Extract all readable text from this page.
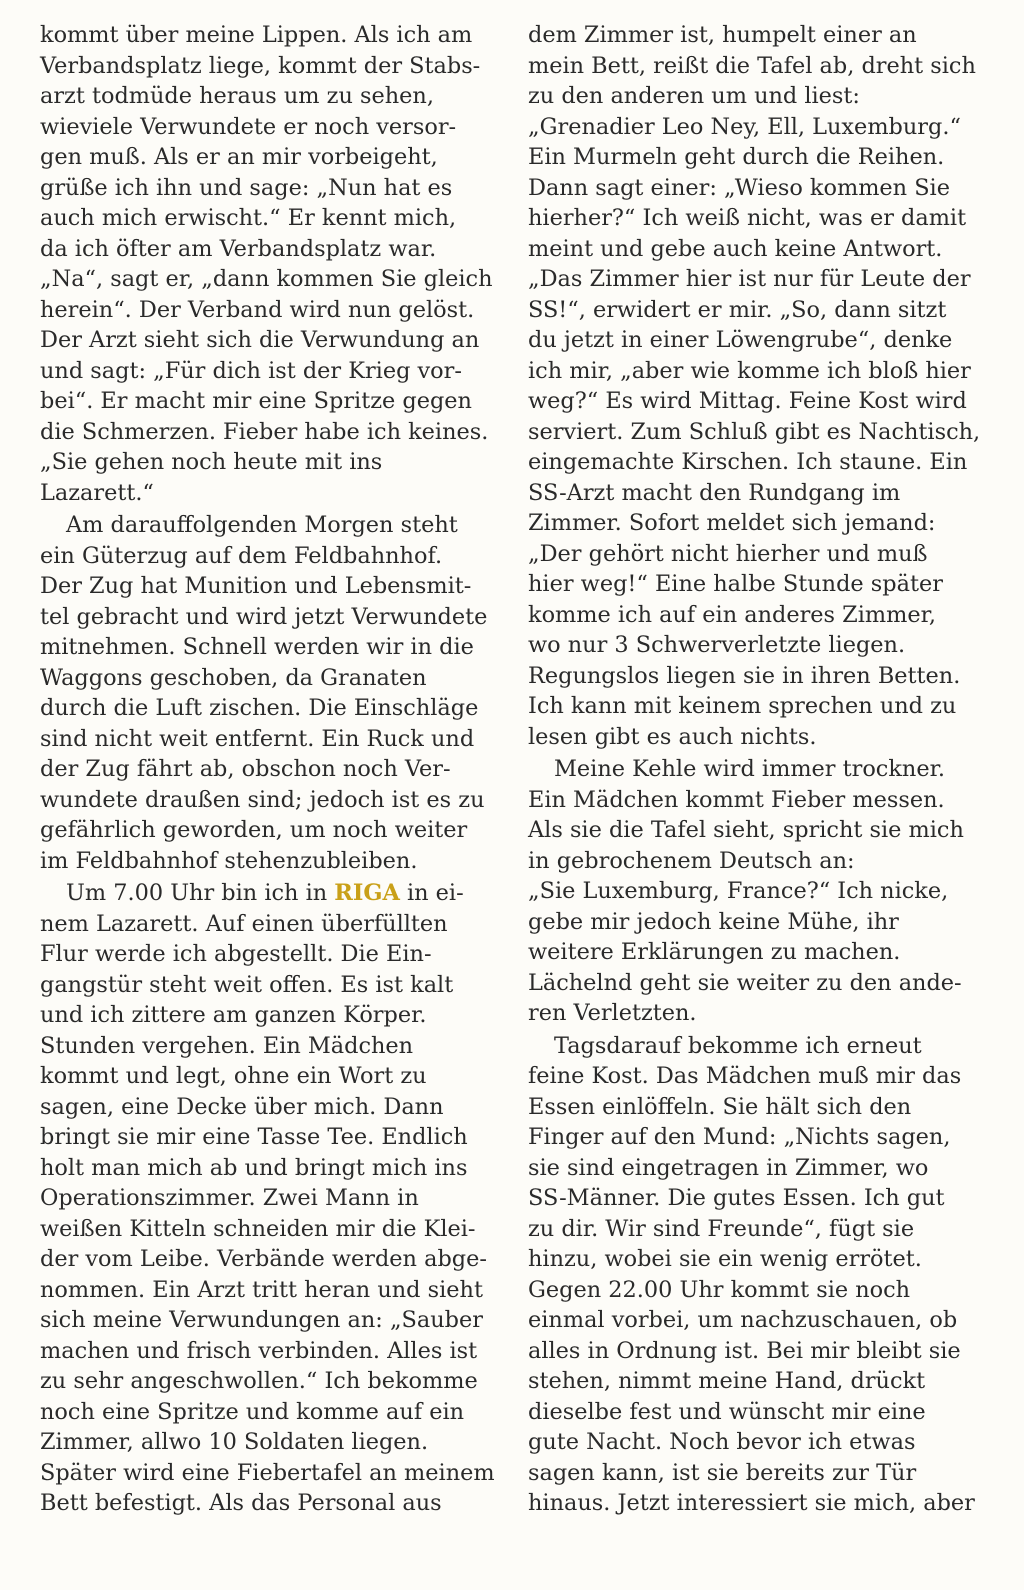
kommt über meine Lippen. Als ich am
Verbandsplatz liege, kommt der Stabs-
arzt todmüde heraus um zu sehen,
wieviele Verwundete er noch versor-
gen muß. Als er an mir vorbeigeht,
grüße ich ihn und sage: „Nun hat es
auch mich erwischt.“ Er kennt mich,
da ich öfter am Verbandsplatz war.
„Na“, sagt er, „dann kommen Sie gleich
herein“. Der Verband wird nun gelöst.
Der Arzt sieht sich die Verwundung an
und sagt: „Für dich ist der Krieg vor-
bei“. Er macht mir eine Spritze gegen
die Schmerzen. Fieber habe ich keines.
„Sie gehen noch heute mit ins
Lazarett.“

Am darauffolgenden Morgen steht
ein Güterzug auf dem Feldbahnhof.
Der Zug hat Munition und Lebensmit-
tel gebracht und wird jetzt Verwundete
mitnehmen. Schnell werden wir in die
Waggons geschoben, da Granaten
durch die Luft zischen. Die Einschläge
sind nicht weit entfernt. Ein Ruck und
der Zug fährt ab, obschon noch Ver-
wundete draußen sind; jedoch ist es zu
gefährlich geworden, um noch weiter
im Feldbahnhof stehenzubleiben.

Um 7.00 Uhr bin ich in RIGA in ei-
nem Lazarett. Auf einen überfüllten
Flur werde ich abgestellt. Die Ein-
gangstür steht weit offen. Es ist kalt
und ich zittere am ganzen Körper.
Stunden vergehen. Ein Mädchen
kommt und legt, ohne ein Wort zu
sagen, eine Decke über mich. Dann
bringt sie mir eine Tasse Tee. Endlich
holt man mich ab und bringt mich ins
Operationszimmer. Zwei Mann in
weißen Kitteln schneiden mir die Klei-
der vom Leibe. Verbände werden abge-
nommen. Ein Arzt tritt heran und sieht
sich meine Verwundungen an: „Sauber
machen und frisch verbinden. Alles ist
zu sehr angeschwollen.“ Ich bekomme
noch eine Spritze und komme auf ein
Zimmer, allwo 10 Soldaten liegen.
Später wird eine Fiebertafel an meinem
Bett befestigt. Als das Personal aus

dem Zimmer ist, humpelt einer an
mein Bett, reißt die Tafel ab, dreht sich
zu den anderen um und liest:
„Grenadier Leo Ney, Ell, Luxemburg.“
Ein Murmeln geht durch die Reihen.
Dann sagt einer: „Wieso kommen Sie
hierher?“ Ich weiß nicht, was er damit
meint und gebe auch keine Antwort.
„Das Zimmer hier ist nur für Leute der
SS!“, erwidert er mir. „So, dann sitzt
du jetzt in einer Löwengrube“, denke
ich mir, „aber wie komme ich bloß hier
weg?“ Es wird Mittag. Feine Kost wird
serviert. Zum Schluß gibt es Nachtisch,
eingemachte Kirschen. Ich staune. Ein
SS-Arzt macht den Rundgang im
Zimmer. Sofort meldet sich jemand:
„Der gehört nicht hierher und muß
hier weg!“ Eine halbe Stunde später
komme ich auf ein anderes Zimmer,
wo nur 3 Schwerverletzte liegen.
Regungslos liegen sie in ihren Betten.
Ich kann mit keinem sprechen und zu
lesen gibt es auch nichts.

Meine Kehle wird immer trockner.
Ein Mädchen kommt Fieber messen.
Als sie die Tafel sieht, spricht sie mich
in gebrochenem Deutsch an:
„Sie Luxemburg, France?“ Ich nicke,
gebe mir jedoch keine Mühe, ihr
weitere Erklärungen zu machen.
Lächelnd geht sie weiter zu den ande-
ren Verletzten.

Tagsdarauf bekomme ich erneut
feine Kost. Das Mädchen muß mir das
Essen einlöffeln. Sie hält sich den
Finger auf den Mund: „Nichts sagen,
sie sind eingetragen in Zimmer, wo
SS-Männer. Die gutes Essen. Ich gut
zu dir. Wir sind Freunde“, fügt sie
hinzu, wobei sie ein wenig errötet.
Gegen 22.00 Uhr kommt sie noch
einmal vorbei, um nachzuschauen, ob
alles in Ordnung ist. Bei mir bleibt sie
stehen, nimmt meine Hand, drückt
dieselbe fest und wünscht mir eine
gute Nacht. Noch bevor ich etwas
sagen kann, ist sie bereits zur Tür
hinaus. Jetzt interessiert sie mich, aber
